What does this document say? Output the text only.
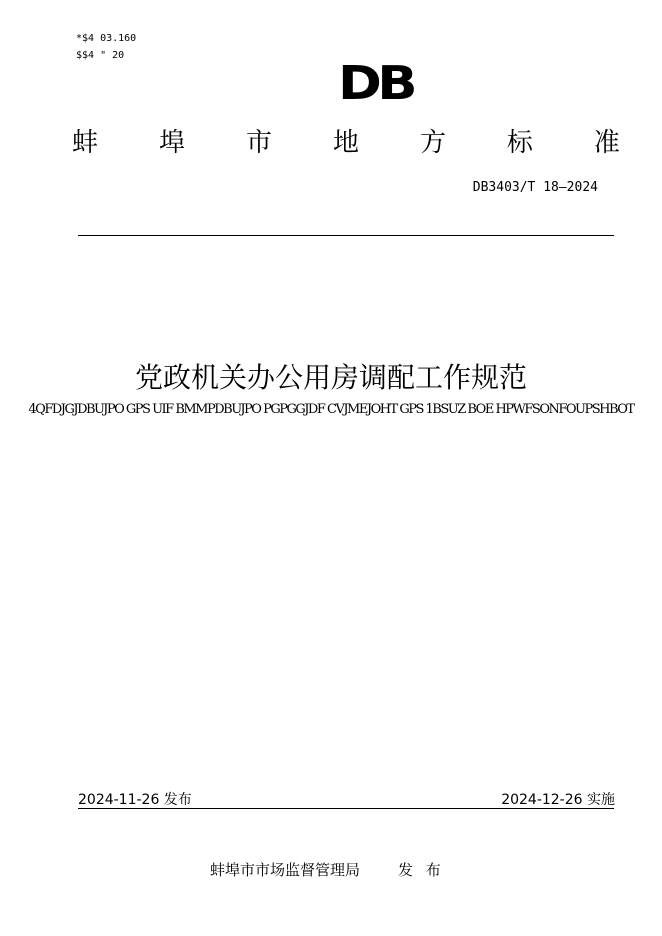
*$4 03.160
$$4 " 20
DB
蚌 埠 市 地 方 标 准
DB3403/T 18—2024
党政机关办公用房调配工作规范
4QFDJGJDBUJPO GPS UIF BMMPDBUJPO PGPGGJDF CVJMEJOHT GPS 1BSUZ BOE HPWFSONFOUPSHBOT
2024-11-26 发布	2024-12-26 实施
蚌埠市市场监督管理局	发 布
